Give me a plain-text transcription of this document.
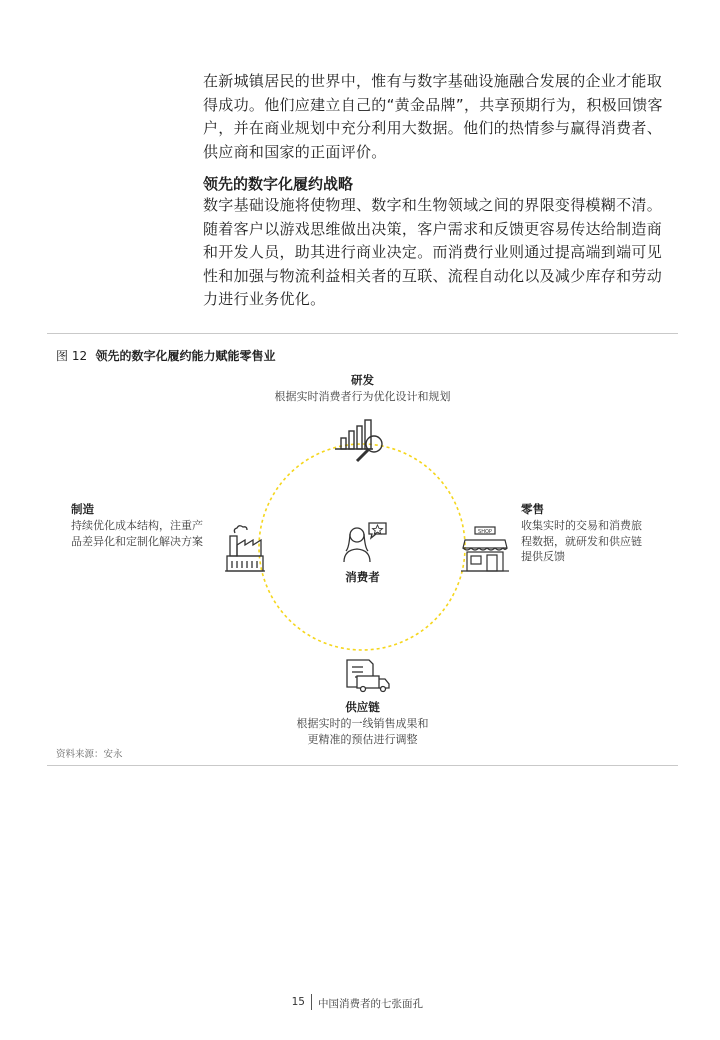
在新城镇居民的世界中，惟有与数字基础设施融合发展的企业才能取得成功。他们应建立自己的“黄金品牌”，共享预期行为，积极回馈客户，并在商业规划中充分利用大数据。他们的热情参与赢得消费者、供应商和国家的正面评价。

领先的数字化履约战略

数字基础设施将使物理、数字和生物领域之间的界限变得模糊不清。随着客户以游戏思维做出决策，客户需求和反馈更容易传达给制造商和开发人员，助其进行商业决定。而消费行业则通过提高端到端可见性和加强与物流利益相关者的互联、流程自动化以及减少库存和劳动力进行业务优化。

图 12 领先的数字化履约能力赋能零售业
SHOP
研发
根据实时消费者行为优化设计和规划
制造
持续优化成本结构，注重产品差异化和定制化解决方案
零售
收集实时的交易和消费旅程数据，就研发和供应链提供反馈
消费者
供应链
根据实时的一线销售成果和
更精准的预估进行调整
资料来源：安永
15 中国消费者的七张面孔
